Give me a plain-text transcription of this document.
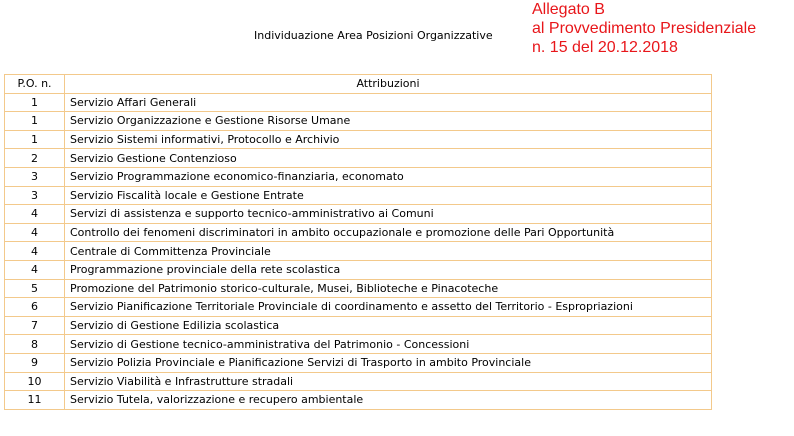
Individuazione Area Posizioni Organizzative
Allegato B
al Provvedimento Presidenziale
n. 15 del 20.12.2018
P.O. n.	Attribuzioni
1	Servizio Affari Generali
1	Servizio Organizzazione e Gestione Risorse Umane
1	Servizio Sistemi informativi, Protocollo e Archivio
2	Servizio Gestione Contenzioso
3	Servizio Programmazione economico-finanziaria, economato
3	Servizio Fiscalità locale e Gestione Entrate
4	Servizi di assistenza e supporto tecnico-amministrativo ai Comuni
4	Controllo dei fenomeni discriminatori in ambito occupazionale e promozione delle Pari Opportunità
4	Centrale di Committenza Provinciale
4	Programmazione provinciale della rete scolastica
5	Promozione del Patrimonio storico-culturale, Musei, Biblioteche e Pinacoteche
6	Servizio Pianificazione Territoriale Provinciale di coordinamento e assetto del Territorio - Espropriazioni
7	Servizio di Gestione Edilizia scolastica
8	Servizio di Gestione tecnico-amministrativa del Patrimonio - Concessioni
9	Servizio Polizia Provinciale e Pianificazione Servizi di Trasporto in ambito Provinciale
10	Servizio Viabilità e Infrastrutture stradali
11	Servizio Tutela, valorizzazione e recupero ambientale
